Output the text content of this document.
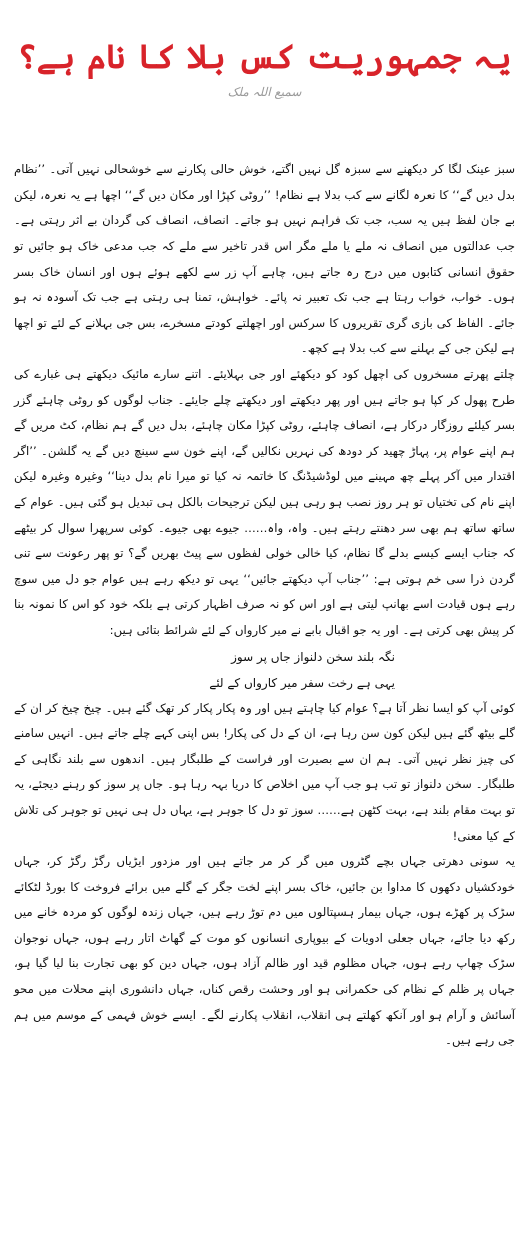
یہ جمہوریت کس بلا کا نام ہے؟
سمیع اللہ ملک

سبز عینک لگا کر دیکھنے سے سبزہ گل نہیں اگتے، خوش حالی پکارنے سے خوشحالی نہیں آتی۔ ’’نظام بدل دیں گے‘‘ کا نعرہ لگانے سے کب بدلا ہے نظام! ’’روٹی کپڑا اور مکان دیں گے‘‘ اچھا ہے یہ نعرہ، لیکن بے جان لفظ ہیں یہ سب، جب تک فراہم نہیں ہو جاتے۔ انصاف، انصاف کی گردان بے اثر رہتی ہے۔ جب عدالتوں میں انصاف نہ ملے یا ملے مگر اس قدر تاخیر سے ملے کہ جب مدعی خاک ہو جائیں تو حقوق انسانی کتابوں میں درج رہ جاتے ہیں، چاہے آپ زر سے لکھے ہوئے ہوں اور انسان خاک بسر ہوں۔ خواب، خواب رہتا ہے جب تک تعبیر نہ پائے۔ خواہش، تمنا ہی رہتی ہے جب تک آسودہ نہ ہو جائے۔ الفاظ کی بازی گری تقریروں کا سرکس اور اچھلتے کودتے مسخرے، بس جی بہلانے کے لئے تو اچھا ہے لیکن جی کے بہلنے سے کب بدلا ہے کچھ۔

چلتے پھرتے مسخروں کی اچھل کود کو دیکھئے اور جی بہلایئے۔ اتنے سارے مائیک دیکھتے ہی غبارے کی طرح پھول کر کپا ہو جاتے ہیں اور پھر دیکھتے اور دیکھتے چلے جایئے۔ جناب لوگوں کو روٹی چاہئے گزر بسر کیلئے روزگار درکار ہے، انصاف چاہئے، روٹی کپڑا مکان چاہئے، بدل دیں گے ہم نظام، کٹ مریں گے ہم اپنے عوام پر، پہاڑ چھید کر دودھ کی نہریں نکالیں گے، اپنے خون سے سینچ دیں گے یہ گلشن۔ ’’اگر اقتدار میں آکر پہلے چھ مہینے میں لوڈشیڈنگ کا خاتمہ نہ کیا تو میرا نام بدل دینا‘‘ وغیرہ وغیرہ لیکن اپنے نام کی تختیاں تو ہر روز نصب ہو رہی ہیں لیکن ترجیحات بالکل ہی تبدیل ہو گئی ہیں۔ عوام کے ساتھ ساتھ ہم بھی سر دھنتے رہتے ہیں۔ واہ، واہ…… جیوے بھی جیوے۔ کوئی سرپھرا سوال کر بیٹھے کہ جناب ایسے کیسے بدلے گا نظام، کیا خالی خولی لفظوں سے پیٹ بھریں گے؟ تو پھر رعونت سے تنی گردن ذرا سی خم ہوتی ہے: ’’جناب آپ دیکھتے جائیں‘‘ یہی تو دیکھ رہے ہیں عوام جو دل میں سوچ رہے ہوں قیادت اسے بھانپ لیتی ہے اور اس کو نہ صرف اظہار کرتی ہے بلکہ خود کو اس کا نمونہ بنا کر پیش بھی کرتی ہے۔ اور یہ جو اقبال بابے نے میر کارواں کے لئے شرائط بتائی ہیں:

نگہ بلند سخن دلنواز جاں پر سوز
یہی ہے رخت سفر میر کارواں کے لئے

کوئی آپ کو ایسا نظر آتا ہے؟ عوام کیا چاہتے ہیں اور وہ پکار پکار کر تھک گئے ہیں۔ چیخ چیخ کر ان کے گلے بیٹھ گئے ہیں لیکن کون سن رہا ہے، ان کے دل کی پکار! بس اپنی کہے چلے جاتے ہیں۔ انہیں سامنے کی چیز نظر نہیں آتی۔ ہم ان سے بصیرت اور فراست کے طلبگار ہیں۔ اندھوں سے بلند نگاہی کے طلبگار۔ سخن دلنواز تو تب ہو جب آپ میں اخلاص کا دریا بہہ رہا ہو۔ جاں پر سوز کو رہنے دیجئے، یہ تو بہت مقام بلند ہے، بہت کٹھن ہے…… سوز تو دل کا جوہر ہے، یہاں دل ہی نہیں تو جوہر کی تلاش کے کیا معنی!

یہ سونی دھرتی جہاں بچے گٹروں میں گر کر مر جاتے ہیں اور مزدور ایڑیاں رگڑ رگڑ کر، جہاں خودکشیاں دکھوں کا مداوا بن جائیں، خاک بسر اپنے لخت جگر کے گلے میں برائے فروخت کا بورڈ لٹکائے سڑک پر کھڑے ہوں، جہاں بیمار ہسپتالوں میں دم توڑ رہے ہیں، جہاں زندہ لوگوں کو مردہ خانے میں رکھ دیا جائے، جہاں جعلی ادویات کے بیوپاری انسانوں کو موت کے گھاٹ اتار رہے ہوں، جہاں نوجوان سڑک چھاپ رہے ہوں، جہاں مظلوم قید اور ظالم آزاد ہوں، جہاں دین کو بھی تجارت بنا لیا گیا ہو، جہاں پر ظلم کے نظام کی حکمرانی ہو اور وحشت رقص کناں، جہاں دانشوری اپنے محلات میں محو آسائش و آرام ہو اور آنکھ کھلتے ہی انقلاب، انقلاب پکارنے لگے۔ ایسے خوش فہمی کے موسم میں ہم جی رہے ہیں۔
